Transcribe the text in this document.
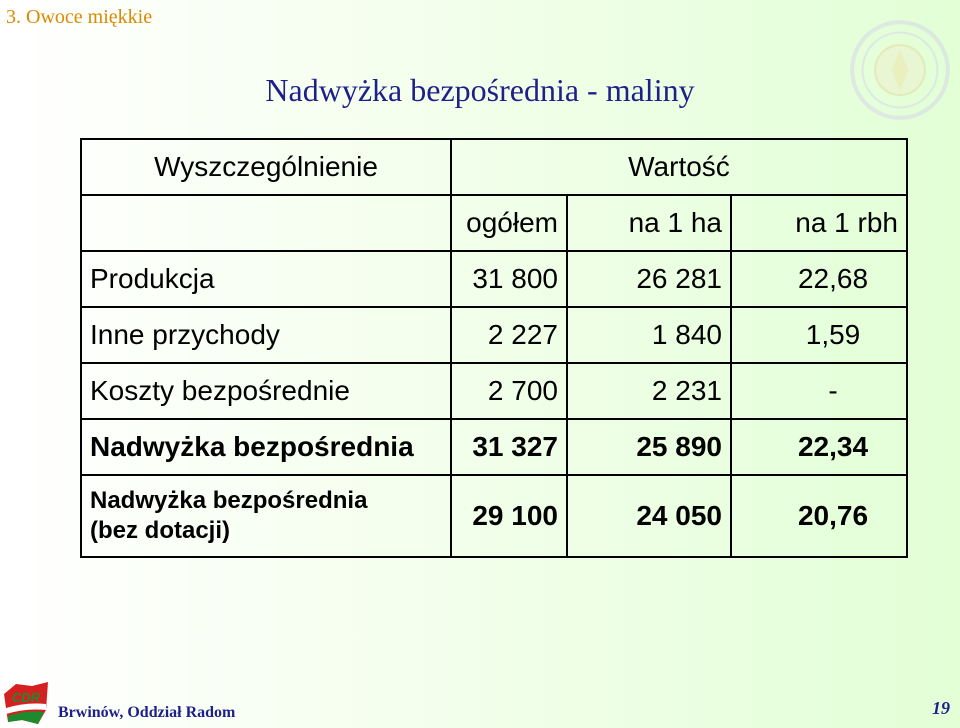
3. Owoce miękkie
Nadwyżka bezpośrednia - maliny
Wyszczególnienie	Wartość		
	ogółem	na 1 ha	na 1 rbh
Produkcja	31 800	26 281	22,68
Inne przychody	2 227	1 840	1,59
Koszty bezpośrednie	2 700	2 231	-
Nadwyżka bezpośrednia	31 327	25 890	22,34

Nadwyżka bezpośrednia
(bez dotacji)	29 100	24 050	20,76
CDR
Brwinów, Oddział Radom	19
